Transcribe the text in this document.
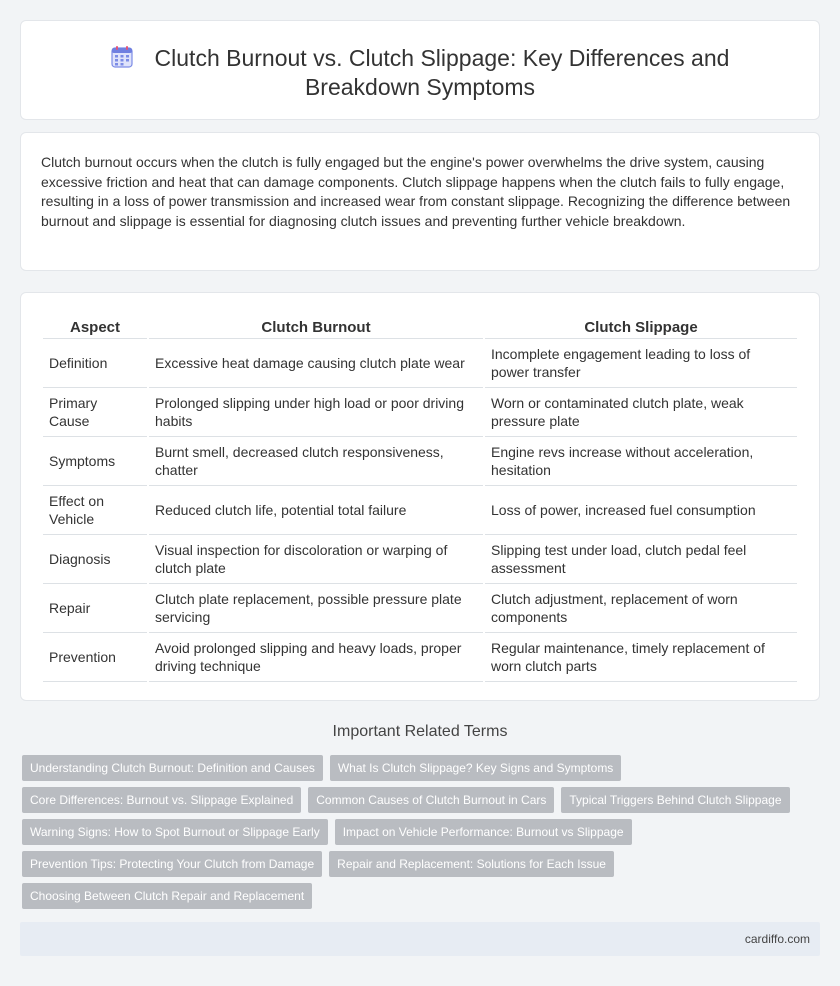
Clutch Burnout vs. Clutch Slippage: Key Differences and
Breakdown Symptoms

Clutch burnout occurs when the clutch is fully engaged but the engine's power overwhelms the drive system, causing excessive friction and heat that can damage components. Clutch slippage happens when the clutch fails to fully engage, resulting in a loss of power transmission and increased wear from constant slippage. Recognizing the difference between burnout and slippage is essential for diagnosing clutch issues and preventing further vehicle breakdown.

Aspect	Clutch Burnout	Clutch Slippage
Definition	Excessive heat damage causing clutch plate wear	Incomplete engagement leading to loss of power transfer
Primary Cause	Prolonged slipping under high load or poor driving habits	Worn or contaminated clutch plate, weak pressure plate
Symptoms	Burnt smell, decreased clutch responsiveness, chatter	Engine revs increase without acceleration, hesitation
Effect on Vehicle	Reduced clutch life, potential total failure	Loss of power, increased fuel consumption
Diagnosis	Visual inspection for discoloration or warping of clutch plate	Slipping test under load, clutch pedal feel assessment
Repair	Clutch plate replacement, possible pressure plate servicing	Clutch adjustment, replacement of worn components
Prevention	Avoid prolonged slipping and heavy loads, proper driving technique	Regular maintenance, timely replacement of worn clutch parts
Important Related Terms
Understanding Clutch Burnout: Definition and Causes	What Is Clutch Slippage? Key Signs and Symptoms
Core Differences: Burnout vs. Slippage Explained	Common Causes of Clutch Burnout in Cars	Typical Triggers Behind Clutch Slippage
Warning Signs: How to Spot Burnout or Slippage Early	Impact on Vehicle Performance: Burnout vs Slippage
Prevention Tips: Protecting Your Clutch from Damage	Repair and Replacement: Solutions for Each Issue
Choosing Between Clutch Repair and Replacement
cardiffo.com
